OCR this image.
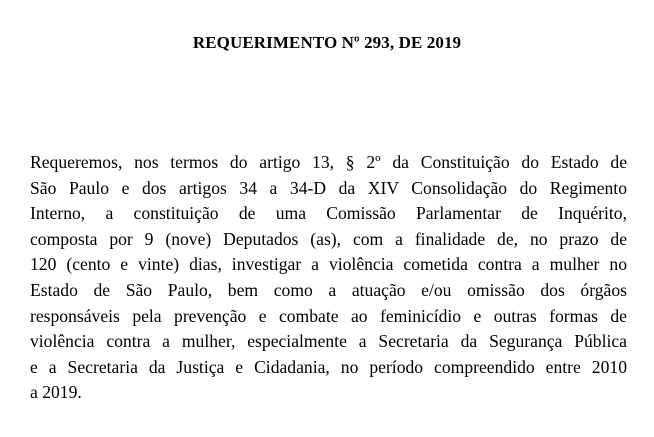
REQUERIMENTO Nº 293, DE 2019
Requeremos, nos termos do artigo 13, § 2º da Constituição do Estado de
São Paulo e dos artigos 34 a 34-D da XIV Consolidação do Regimento
Interno, a constituição de uma Comissão Parlamentar de Inquérito,
composta por 9 (nove) Deputados (as), com a finalidade de, no prazo de
120 (cento e vinte) dias, investigar a violência cometida contra a mulher no
Estado de São Paulo, bem como a atuação e/ou omissão dos órgãos
responsáveis pela prevenção e combate ao feminicídio e outras formas de
violência contra a mulher, especialmente a Secretaria da Segurança Pública
e a Secretaria da Justiça e Cidadania, no período compreendido entre 2010
a 2019.
